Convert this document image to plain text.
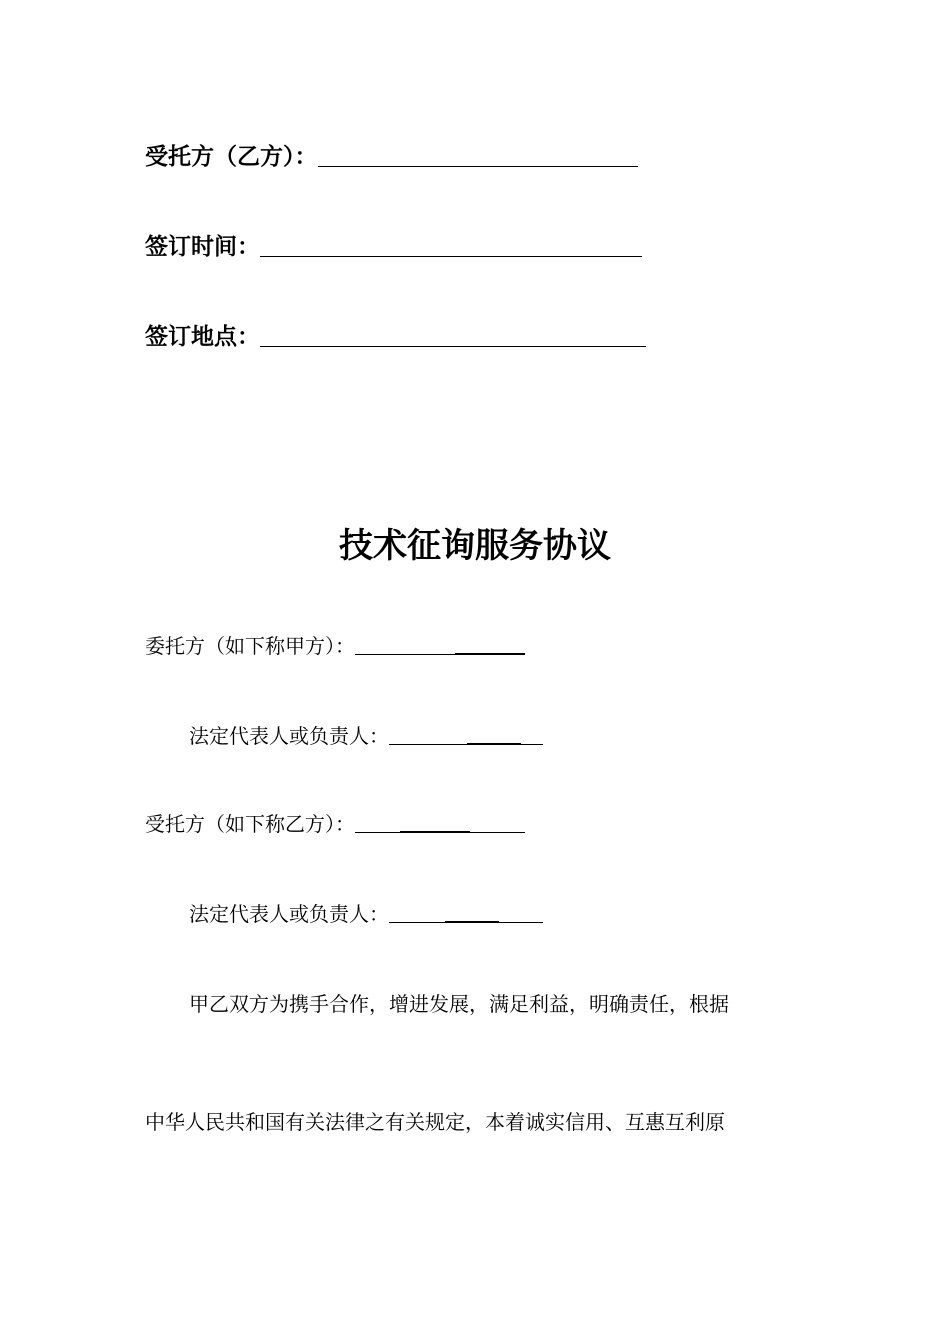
受托方（乙方）：
签订时间：
签订地点：
技术征询服务协议
委托方（如下称甲方）：
法定代表人或负责人：
受托方（如下称乙方）：
法定代表人或负责人：
甲乙双方为携手合作，增进发展，满足利益，明确责任，根据
中华人民共和国有关法律之有关规定，本着诚实信用、互惠互利原
